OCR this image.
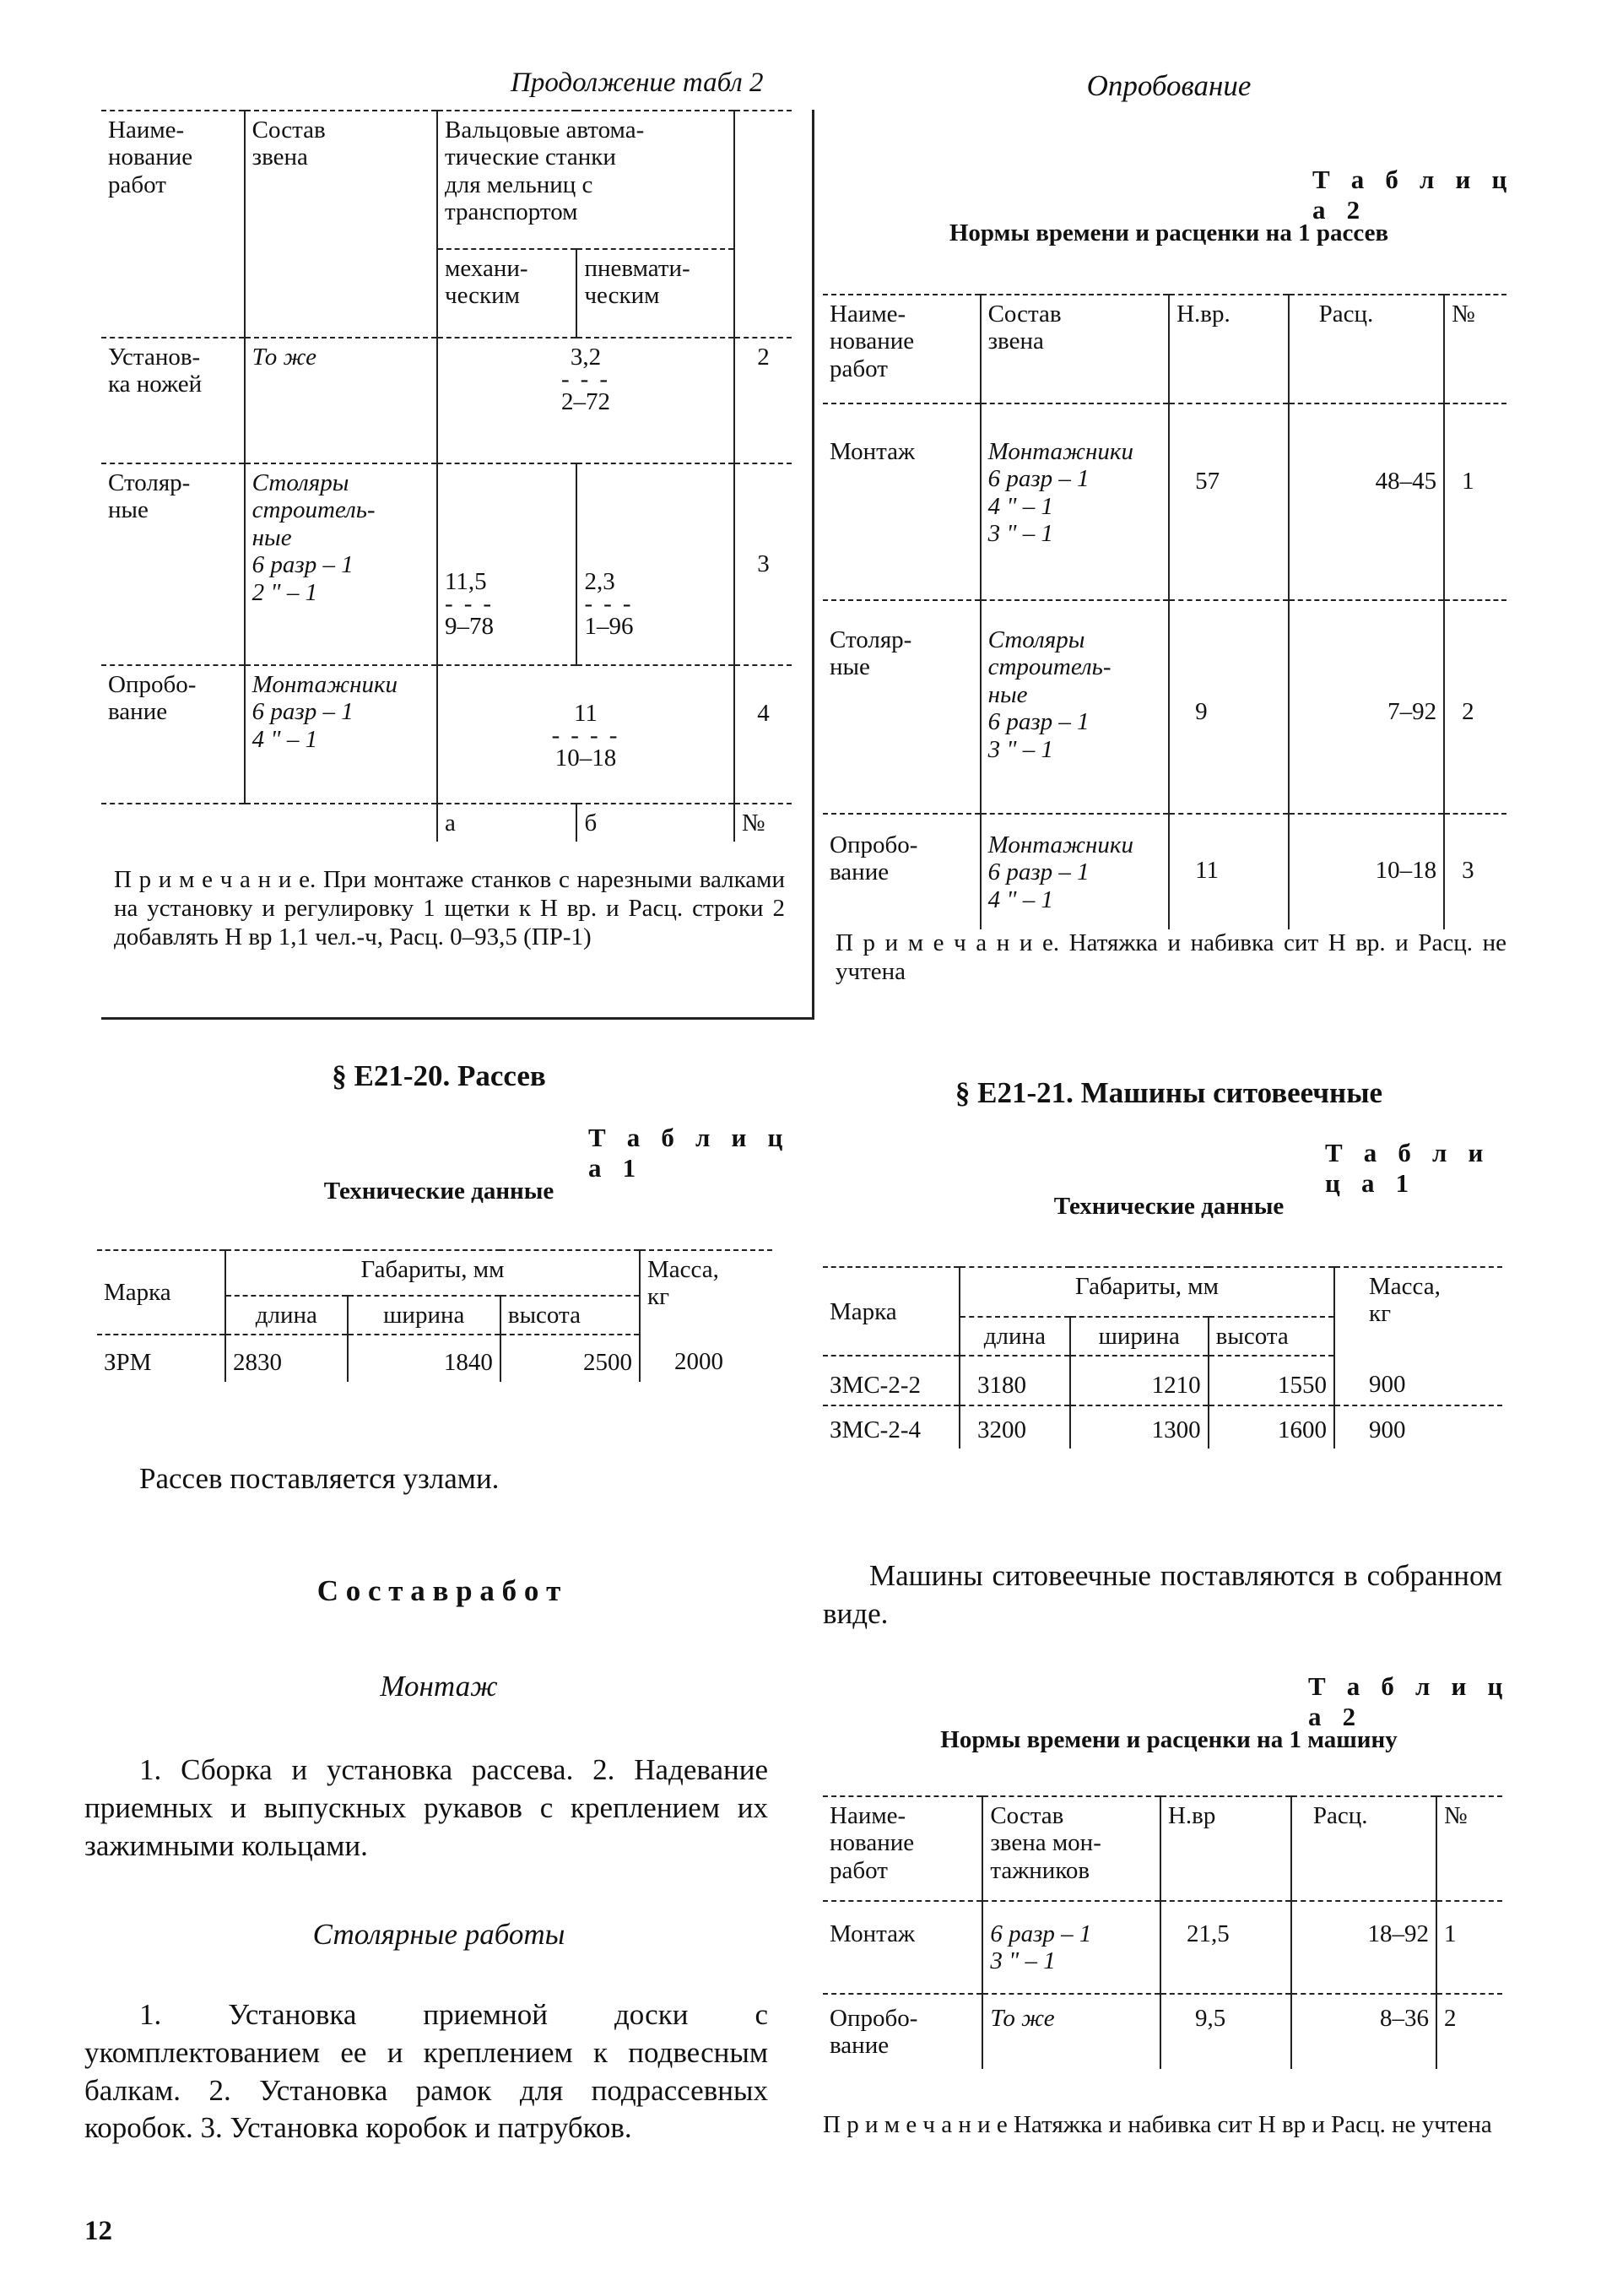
Продолжение табл 2
Наиме-
нование
работ	Состав
звена	Вальцовые автома-
тические станки
для мельниц с
транспортом		
		механи-
ческим	пневмати-
ческим	
Установ-
ка ножей	То же	3,2
- - -
2–72		2
Столяр-
ные	Столяры
строитель-
ные
6 разр – 1
2 " – 1	11,5
- - -
9–78	2,3
- - -
1–96	3
Опробо-
вание	Монтажники
6 разр – 1
4 " – 1	11
- - - -
10–18		4
		а	б	№
П р и м е ч а н и е. При монтаже станков с нарезными валками на установку и регулировку 1 щетки к Н вр. и Расц. строки 2 добавлять Н вр 1,1 чел.-ч, Расц. 0–93,5 (ПР-1)
§ Е21-20. Рассев
Т а б л и ц а 1
Технические данные
Марка	Габариты, мм			Масса,
кг
	длина	ширина	высота	
ЗРМ	2830	1840	2500	2000
Рассев поставляется узлами.
С о с т а в р а б о т
Монтаж
1. Сборка и установка рассева. 2. Надевание приемных и выпускных рукавов с креплением их зажимными кольцами.
Столярные работы
1. Установка приемной доски с укомплектованием ее и креплением к подвесным балкам. 2. Установка рамок для подрассевных коробок. 3. Установка коробок и патрубков.
12
Опробование
Т а б л и ц а 2
Нормы времени и расценки на 1 рассев
Наиме-
нование
работ	Состав
звена	Н.вр.	Расц.	№
Монтаж	Монтажники
6 разр – 1
4 " – 1
3 " – 1	57	48–45	1
Столяр-
ные	Столяры
строитель-
ные
6 разр – 1
3 " – 1	9	7–92	2
Опробо-
вание	Монтажники
6 разр – 1
4 " – 1	11	10–18	3
П р и м е ч а н и е. Натяжка и набивка сит Н вр. и Расц. не учтена
§ Е21-21. Машины ситовеечные
Т а б л и ц а 1
Технические данные
Марка	Габариты, мм			Масса,
кг
	длина	ширина	высота	
ЗМС-2-2	3180	1210	1550	900
ЗМС-2-4	3200	1300	1600	900
Машины ситовеечные поставляются в собранном виде.
Т а б л и ц а 2
Нормы времени и расценки на 1 машину
Наиме-
нование
работ	Состав
звена мон-
тажников	Н.вр	Расц.	№
Монтаж	6 разр – 1
3 " – 1	21,5	18–92	1
Опробо-
вание	То же	9,5	8–36	2
П р и м е ч а н и е Натяжка и набивка сит Н вр и Расц. не учтена
